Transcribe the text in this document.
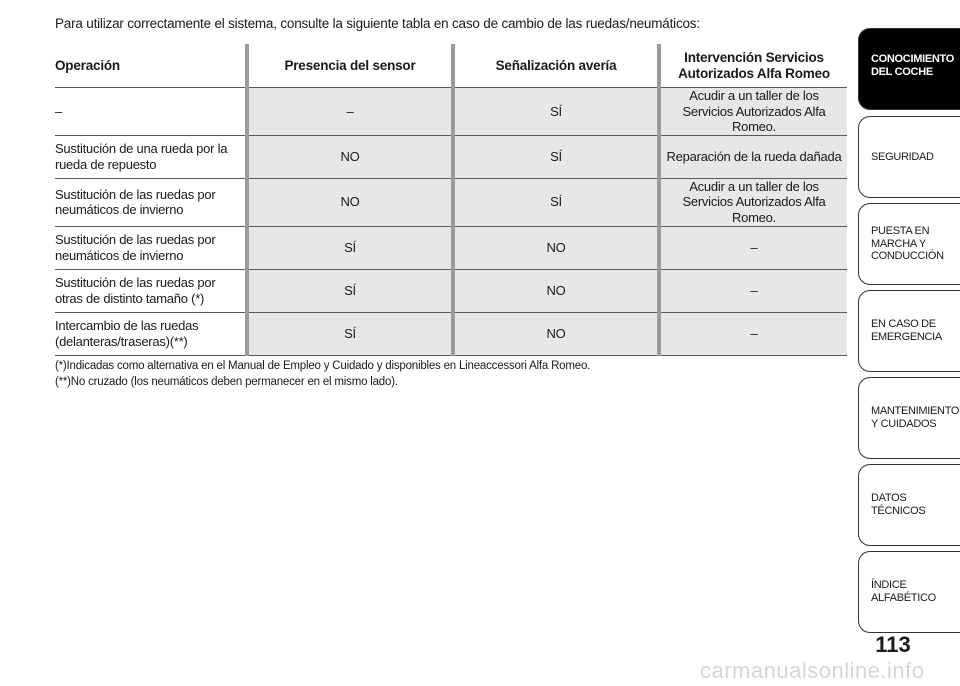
Para utilizar correctamente el sistema, consulte la siguiente tabla en caso de cambio de las ruedas/neumáticos:
Operación	Presencia del sensor	Señalización avería	Intervención Servicios Autorizados Alfa Romeo
–	–	SÍ	Acudir a un taller de los Servicios Autorizados Alfa Romeo.
Sustitución de una rueda por la rueda de repuesto	NO	SÍ	Reparación de la rueda dañada
Sustitución de las ruedas por neumáticos de invierno	NO	SÍ	Acudir a un taller de los Servicios Autorizados Alfa Romeo.
Sustitución de las ruedas por neumáticos de invierno	SÍ	NO	–
Sustitución de las ruedas por otras de distinto tamaño (*)	SÍ	NO	–
Intercambio de las ruedas (delanteras/traseras)(**)	SÍ	NO	–
(*)Indicadas como alternativa en el Manual de Empleo y Cuidado y disponibles en Lineaccessori Alfa Romeo.
(**)No cruzado (los neumáticos deben permanecer en el mismo lado).
CONOCIMIENTO DEL COCHE
SEGURIDAD
PUESTA EN MARCHA Y CONDUCCIÓN
EN CASO DE EMERGENCIA
MANTENIMIENTO Y CUIDADOS
DATOS TÉCNICOS
ÍNDICE ALFABÉTICO
113
carmanualsonline.info
